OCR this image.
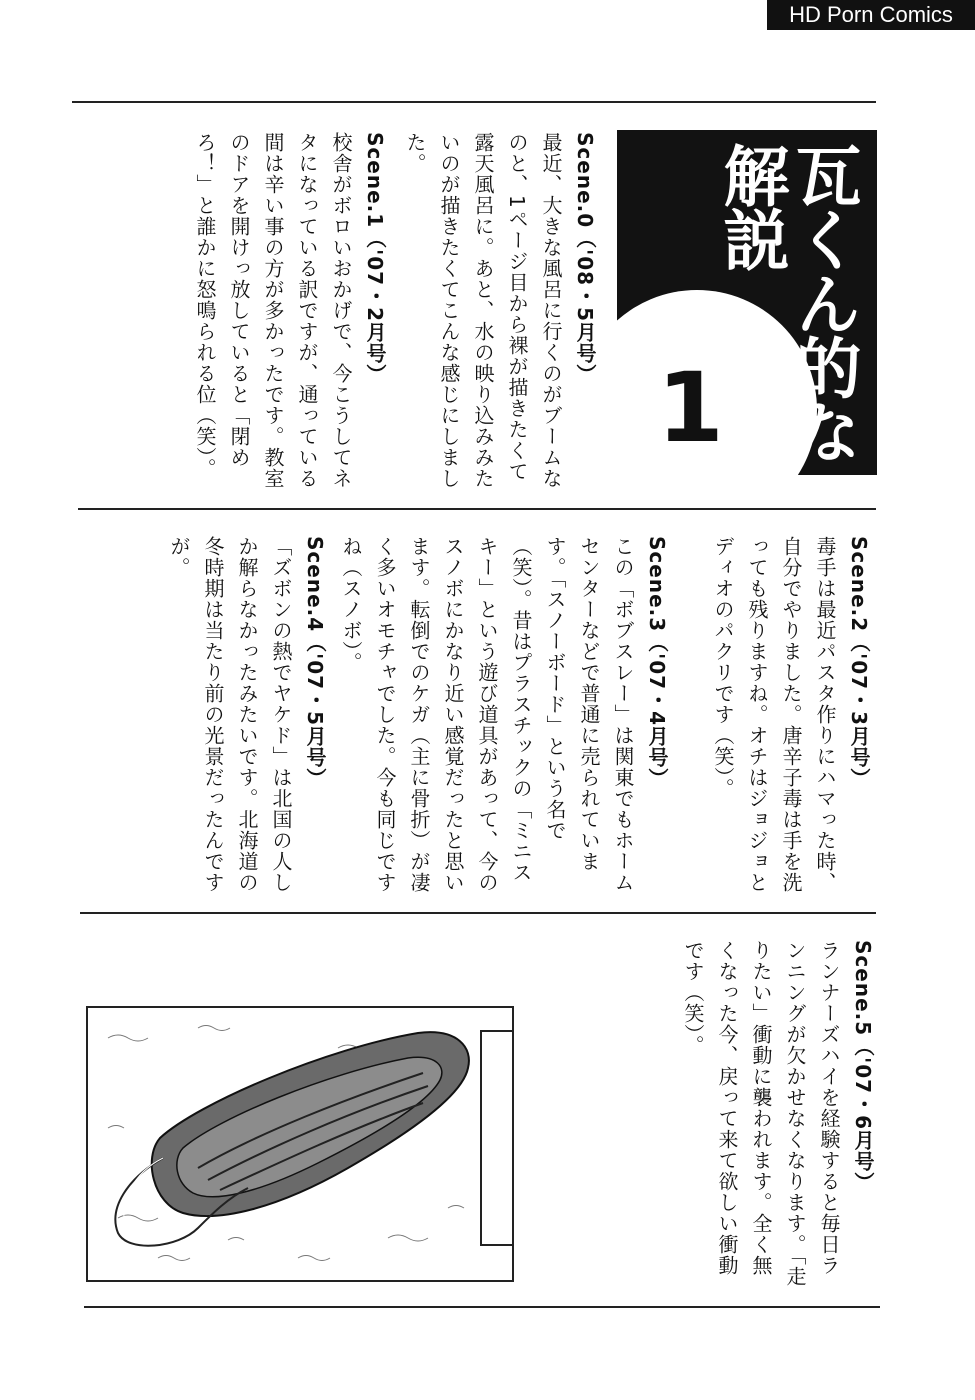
HD Porn Comics
瓦くん的な
解説
1
Scene.0（'08・5月号）
最近、大きな風呂に行くのがブームなのと、1ページ目から裸が描きたくて露天風呂に。あと、水の映り込みみたいのが描きたくてこんな感じにしました。
Scene.1（'07・2月号）
校舎がボロいおかげで、今こうしてネタになっている訳ですが、通っている間は辛い事の方が多かったです。教室のドアを開けっ放していると「閉めろ！」と誰かに怒鳴られる位（笑）。
Scene.2（'07・3月号）
毒手は最近パスタ作りにハマった時、自分でやりました。唐辛子毒は手を洗っても残りますね。オチはジョジョとディオのパクリです（笑）。
Scene.3（'07・4月号）
この「ボブスレー」は関東でもホームセンターなどで普通に売られています。「スノーボード」という名で（笑）。昔はプラスチックの「ミニスキー」という遊び道具があって、今のスノボにかなり近い感覚だったと思います。転倒でのケガ（主に骨折）が凄く多いオモチャでした。今も同じですね（スノボ）。
Scene.4（'07・5月号）
「ズボンの熱でヤケド」は北国の人しか解らなかったみたいです。北海道の冬時期は当たり前の光景だったんですが。
Scene.5（'07・6月号）
ランナーズハイを経験すると毎日ランニングが欠かせなくなります。「走りたい」衝動に襲われます。全く無くなった今、戻って来て欲しい衝動です（笑）。
